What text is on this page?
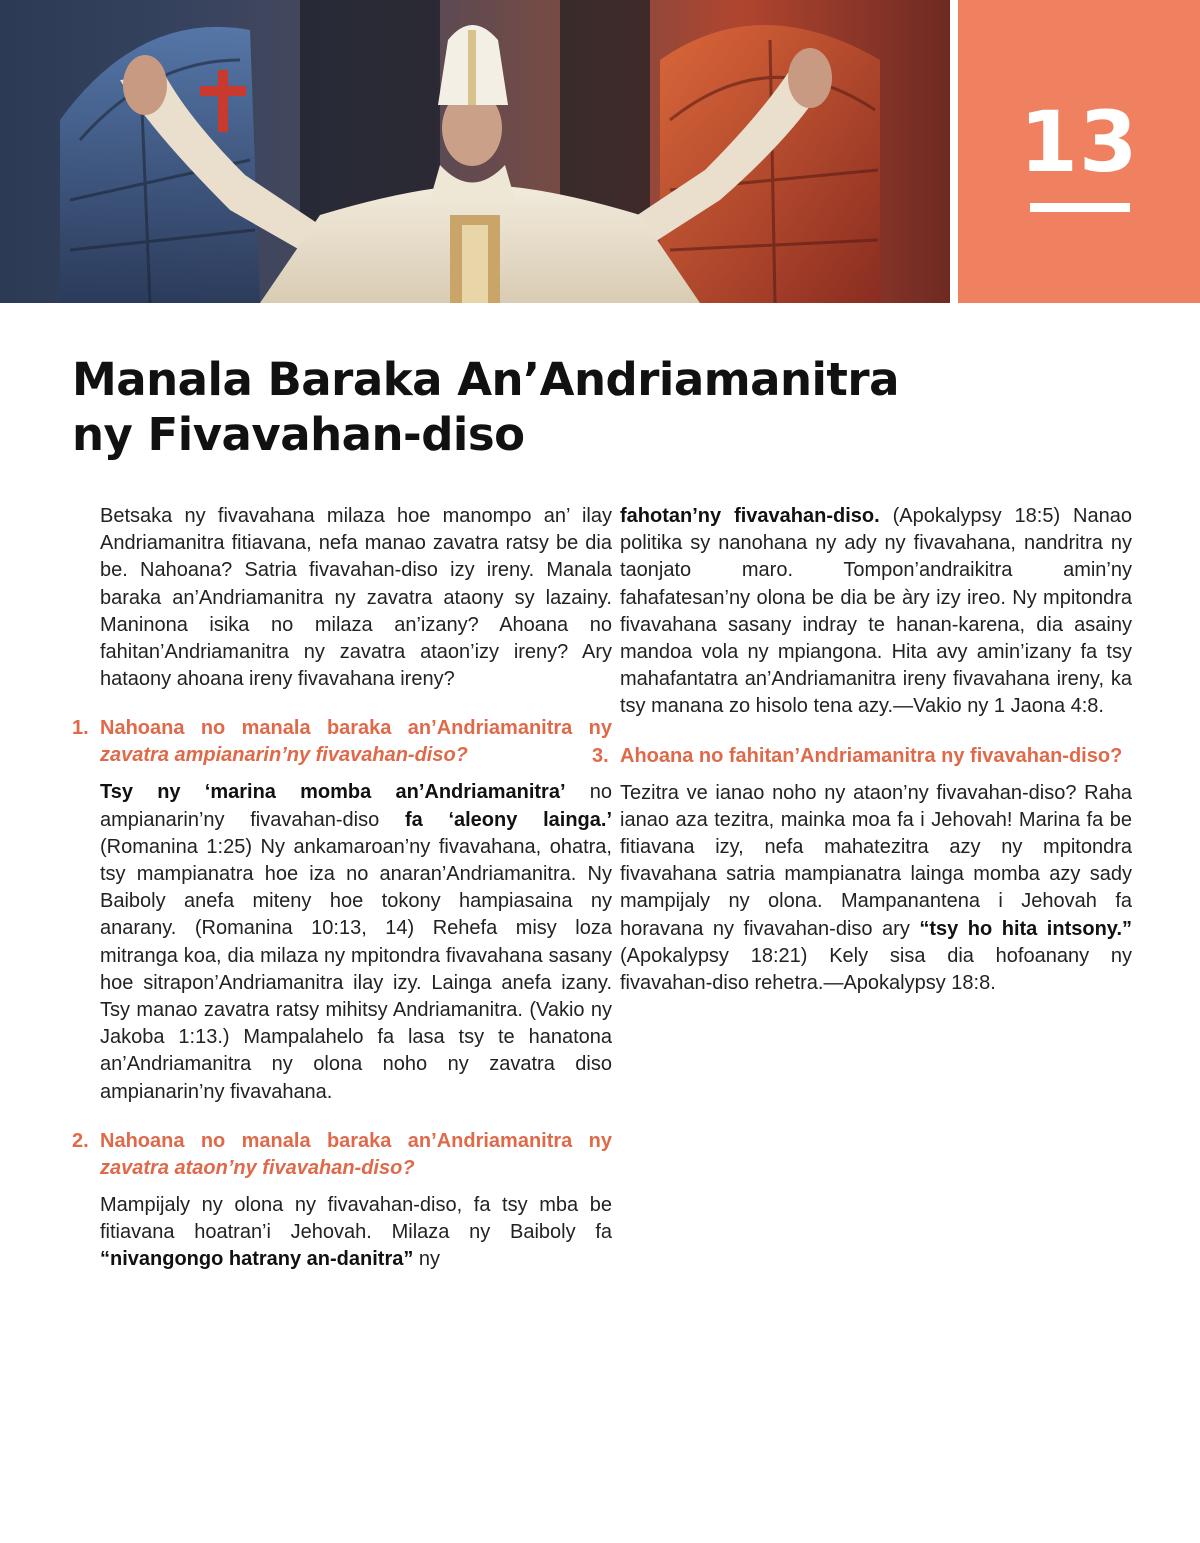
13
Manala Baraka An’Andriamanitra
ny Fivavahan-diso

Betsaka ny fivavahana milaza hoe manompo an’ ilay Andriamanitra fitiavana, nefa manao zavatra ratsy be dia be. Nahoana? Satria fivavahan-diso izy ireny. Manala baraka an’Andriamanitra ny zavatra ataony sy lazainy. Maninona isika no milaza an’izany? Ahoana no fahitan’Andriamanitra ny zavatra ataon’izy ireny? Ary hataony ahoana ireny fivavahana ireny?

1. Nahoana no manala baraka an’Andriamanitra ny zavatra ampianarin’ny fivavahan-diso?

Tsy ny ‘marina momba an’Andriamanitra’ no ampianarin’ny fivavahan-diso fa ‘aleony lainga.’ (Romanina 1:25) Ny ankamaroan’ny fivavahana, ohatra, tsy mampianatra hoe iza no anaran’Andriamanitra. Ny Baiboly anefa miteny hoe tokony hampiasaina ny anarany. (Romanina 10:13, 14) Rehefa misy loza mitranga koa, dia milaza ny mpitondra fivavahana sasany hoe sitrapon’Andriamanitra ilay izy. Lainga anefa izany. Tsy manao zavatra ratsy mihitsy Andriamanitra. (Vakio ny Jakoba 1:13.) Mampalahelo fa lasa tsy te hanatona an’Andriamanitra ny olona noho ny zavatra diso ampianarin’ny fivavahana.

2. Nahoana no manala baraka an’Andriamanitra ny zavatra ataon’ny fivavahan-diso?

Mampijaly ny olona ny fivavahan-diso, fa tsy mba be fitiavana hoatran’i Jehovah. Milaza ny Baiboly fa “nivangongo hatrany an-danitra” ny

fahotan’ny fivavahan-diso. (Apokalypsy 18:5) Nanao politika sy nanohana ny ady ny fivavahana, nandritra ny taonjato maro. Tompon’andraikitra amin’ny fahafatesan’ny olona be dia be àry izy ireo. Ny mpitondra fivavahana sasany indray te hanan-karena, dia asainy mandoa vola ny mpiangona. Hita avy amin’izany fa tsy mahafantatra an’Andriamanitra ireny fivavahana ireny, ka tsy manana zo hisolo tena azy.—Vakio ny 1 Jaona 4:8.

3. Ahoana no fahitan’Andriamanitra ny fivavahan-diso?

Tezitra ve ianao noho ny ataon’ny fivavahan-diso? Raha ianao aza tezitra, mainka moa fa i Jehovah! Marina fa be fitiavana izy, nefa mahatezitra azy ny mpitondra fivavahana satria mampianatra lainga momba azy sady mampijaly ny olona. Mampanantena i Jehovah fa horavana ny fivavahan-diso ary “tsy ho hita intsony.” (Apokalypsy 18:21) Kely sisa dia hofoanany ny fivavahan-diso rehetra.—Apokalypsy 18:8.
